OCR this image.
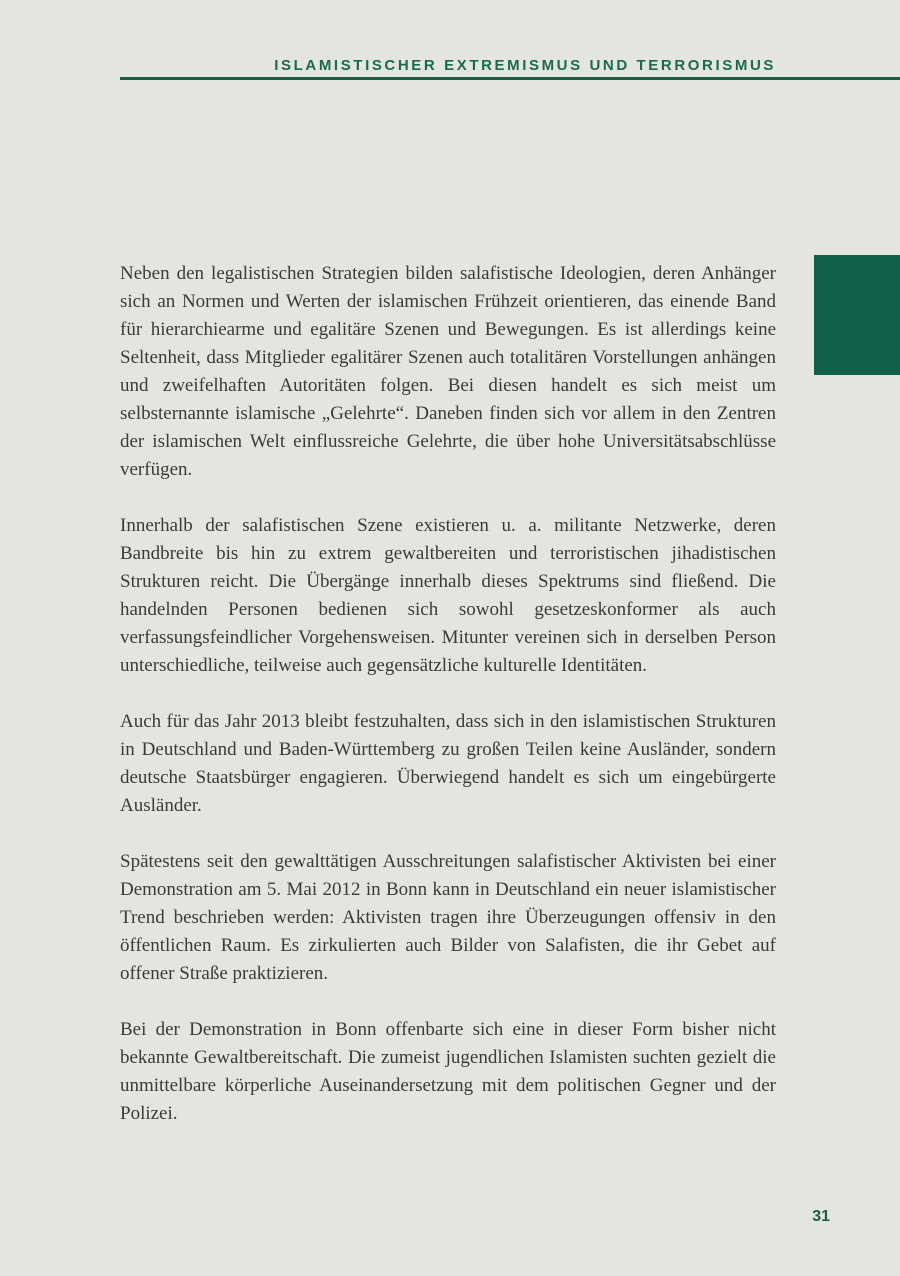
ISLAMISTISCHER EXTREMISMUS UND TERRORISMUS

Neben den legalistischen Strategien bilden salafistische Ideologien, deren Anhänger sich an Normen und Werten der islamischen Frühzeit orientieren, das einende Band für hierarchiearme und egalitäre Szenen und Bewegungen. Es ist allerdings keine Seltenheit, dass Mitglieder egalitärer Szenen auch totalitären Vorstellungen anhängen und zweifelhaften Autoritäten folgen. Bei diesen handelt es sich meist um selbsternannte islamische „Gelehrte“. Daneben finden sich vor allem in den Zentren der islamischen Welt einflussreiche Gelehrte, die über hohe Universitätsabschlüsse verfügen.

Innerhalb der salafistischen Szene existieren u. a. militante Netzwerke, deren Bandbreite bis hin zu extrem gewaltbereiten und terroristischen jihadistischen Strukturen reicht. Die Übergänge innerhalb dieses Spektrums sind fließend. Die handelnden Personen bedienen sich sowohl gesetzeskonformer als auch verfassungsfeindlicher Vorgehensweisen. Mitunter vereinen sich in derselben Person unterschiedliche, teilweise auch gegensätzliche kulturelle Identitäten.

Auch für das Jahr 2013 bleibt festzuhalten, dass sich in den islamistischen Strukturen in Deutschland und Baden-Württemberg zu großen Teilen keine Ausländer, sondern deutsche Staatsbürger engagieren. Überwiegend handelt es sich um eingebürgerte Ausländer.

Spätestens seit den gewalttätigen Ausschreitungen salafistischer Aktivisten bei einer Demonstration am 5. Mai 2012 in Bonn kann in Deutschland ein neuer islamistischer Trend beschrieben werden: Aktivisten tragen ihre Überzeugungen offensiv in den öffentlichen Raum. Es zirkulierten auch Bilder von Salafisten, die ihr Gebet auf offener Straße praktizieren.

Bei der Demonstration in Bonn offenbarte sich eine in dieser Form bisher nicht bekannte Gewaltbereitschaft. Die zumeist jugendlichen Islamisten suchten gezielt die unmittelbare körperliche Auseinandersetzung mit dem politischen Gegner und der Polizei.

31
